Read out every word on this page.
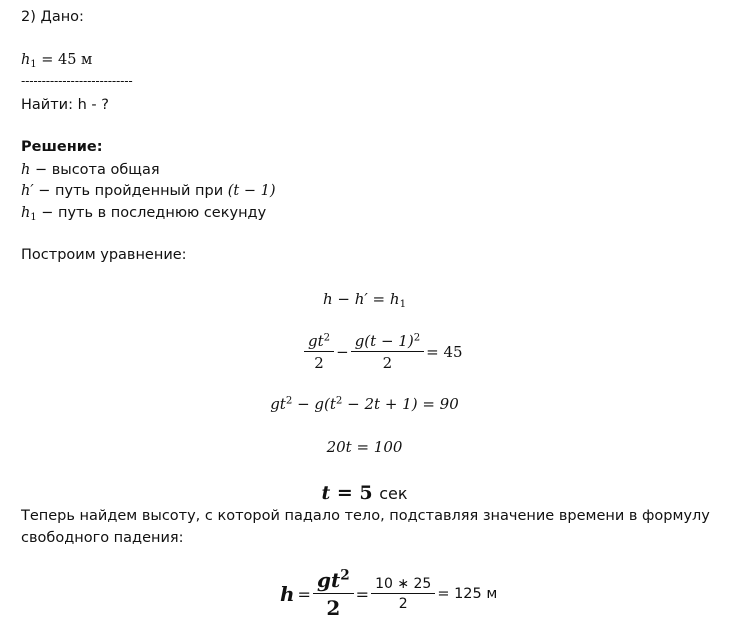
2) Дано:
$h_1 = 45$ м
---------------------------
Найти: h - ?
Решение:
h − высота общая
h′ − путь пройденный при (t − 1)
$h_1$ − путь в последнюю секунду
Построим уравнение:
$h - h' = h_1$
$\frac{gt^2}{2} - \frac{g(t - 1)^2}{2} = 45$
$gt^2 - g(t^2 - 2t + 1) = 90$
20t = 100
t = 5 сек
Теперь найдем высоту, с которой падало тело, подставляя значение времени в формулу
свободного падения:
$h = \frac{gt^2}{2} = \frac{10 ∗ 25}{2} = 125$ м
